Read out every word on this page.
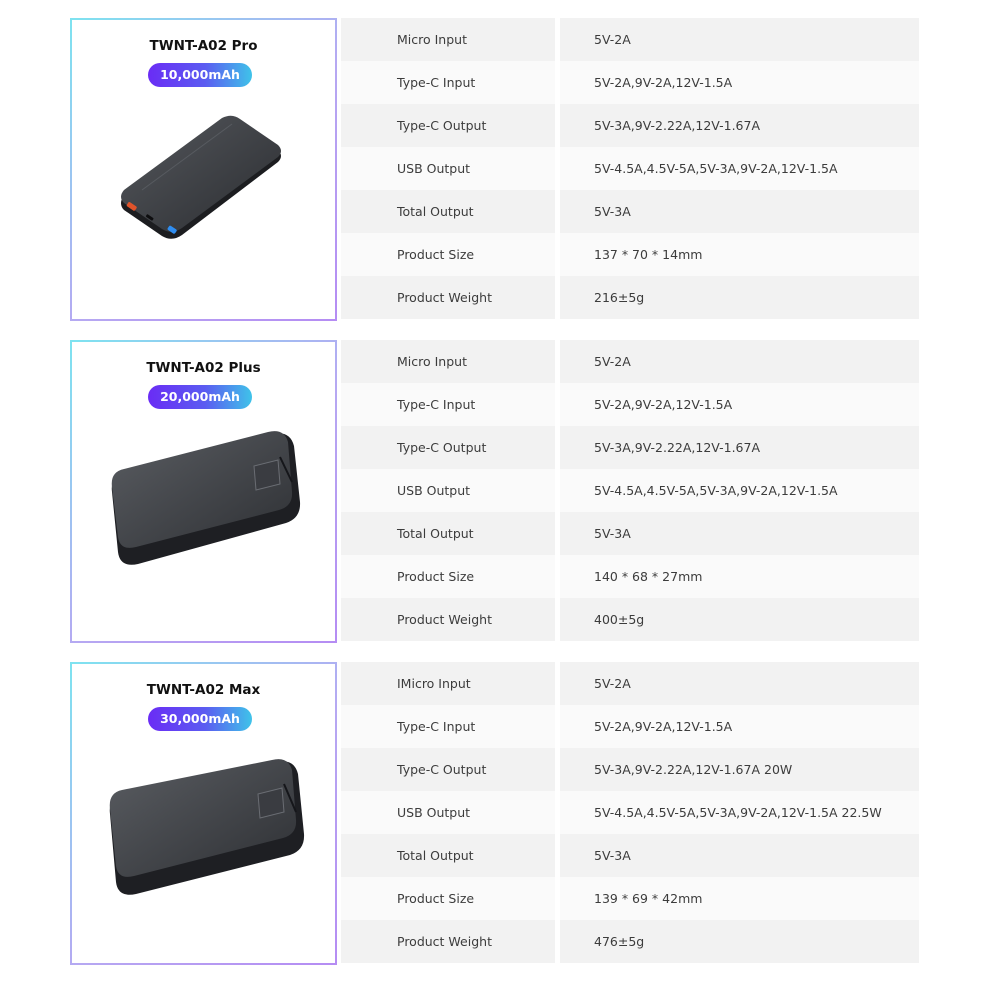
TWNT-A02 Pro
10,000mAh
Micro Input	5V-2A
Type-C Input	5V-2A,9V-2A,12V-1.5A
Type-C Output	5V-3A,9V-2.22A,12V-1.67A
USB Output	5V-4.5A,4.5V-5A,5V-3A,9V-2A,12V-1.5A
Total Output	5V-3A
Product Size	137 * 70 * 14mm
Product Weight	216±5g
TWNT-A02 Plus
20,000mAh
Micro Input	5V-2A
Type-C Input	5V-2A,9V-2A,12V-1.5A
Type-C Output	5V-3A,9V-2.22A,12V-1.67A
USB Output	5V-4.5A,4.5V-5A,5V-3A,9V-2A,12V-1.5A
Total Output	5V-3A
Product Size	140 * 68 * 27mm
Product Weight	400±5g
TWNT-A02 Max
30,000mAh
IMicro Input	5V-2A
Type-C Input	5V-2A,9V-2A,12V-1.5A
Type-C Output	5V-3A,9V-2.22A,12V-1.67A 20W
USB Output	5V-4.5A,4.5V-5A,5V-3A,9V-2A,12V-1.5A 22.5W
Total Output	5V-3A
Product Size	139 * 69 * 42mm
Product Weight	476±5g
